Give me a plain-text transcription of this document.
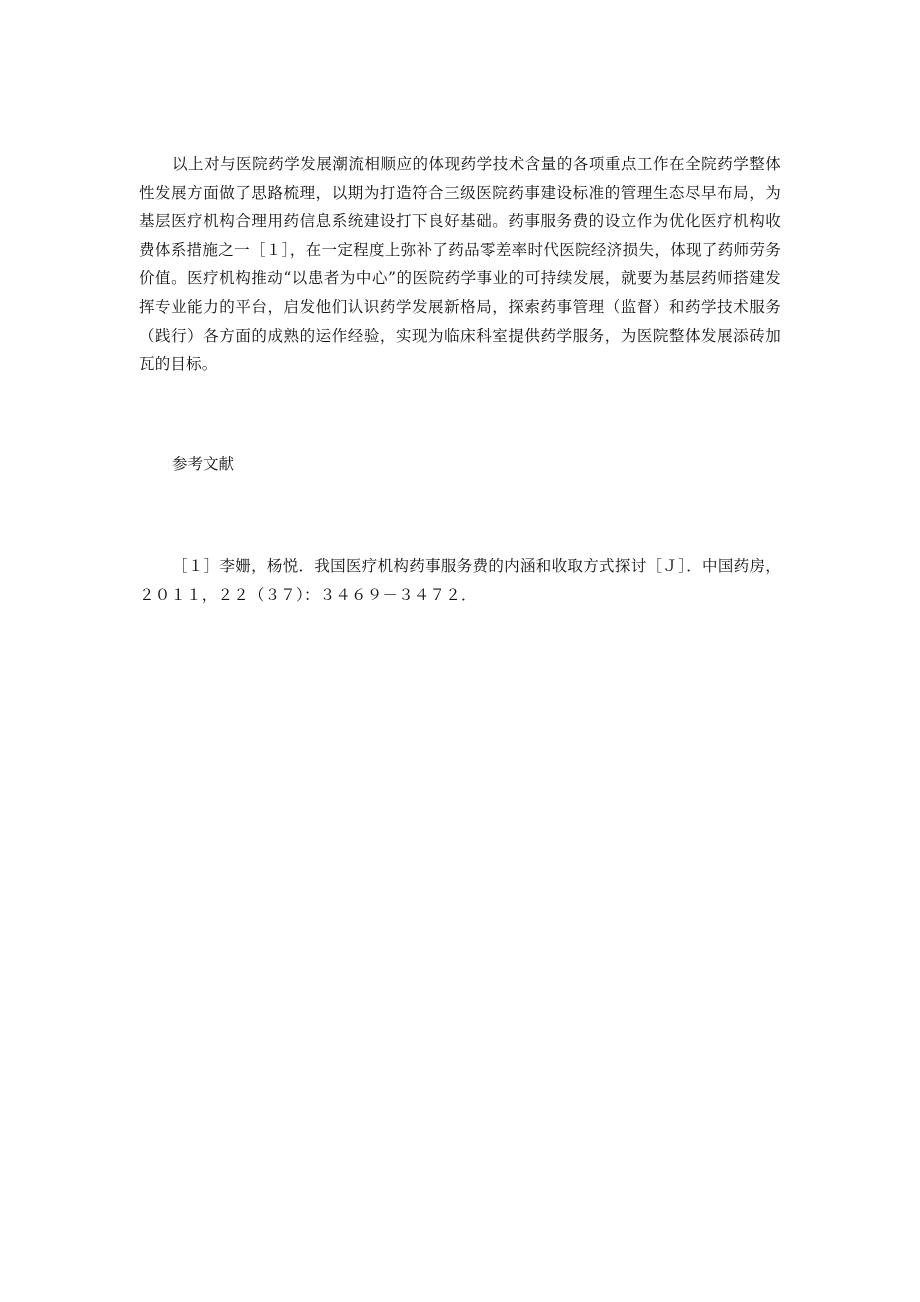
以上对与医院药学发展潮流相顺应的体现药学技术含量的各项重点工作在全院药学整体性发展方面做了思路梳理，以期为打造符合三级医院药事建设标准的管理生态尽早布局，为基层医疗机构合理用药信息系统建设打下良好基础。药事服务费的设立作为优化医疗机构收费体系措施之一［１］，在一定程度上弥补了药品零差率时代医院经济损失，体现了药师劳务价值。医疗机构推动“以患者为中心”的医院药学事业的可持续发展，就要为基层药师搭建发挥专业能力的平台，启发他们认识药学发展新格局，探索药事管理（监督）和药学技术服务（践行）各方面的成熟的运作经验，实现为临床科室提供药学服务，为医院整体发展添砖加瓦的目标。

参考文献

［１］李姗，杨悦．我国医疗机构药事服务费的内涵和收取方式探讨［Ｊ］．中国药房，２０１１，２２（３７）：３４６９－３４７２．
